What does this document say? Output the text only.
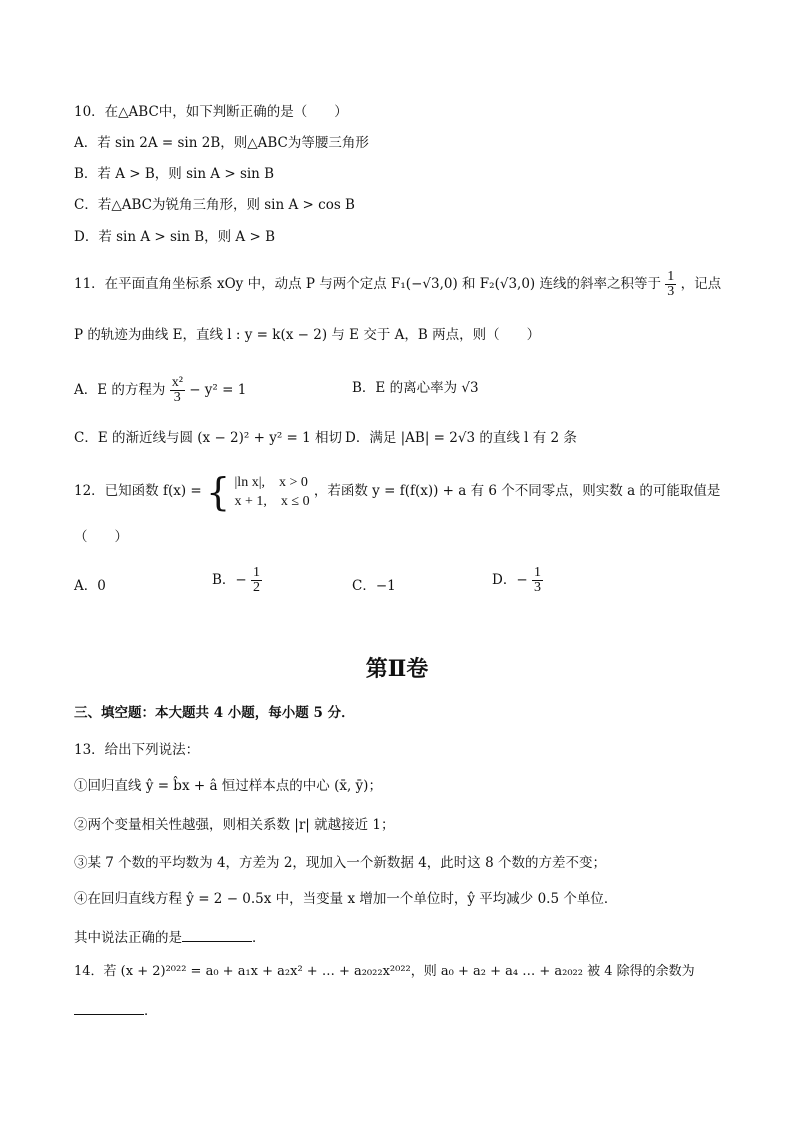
10．在△ABC中，如下判断正确的是（　　）
A．若 sin 2A = sin 2B，则△ABC为等腰三角形
B．若 A > B，则 sin A > sin B
C．若△ABC为锐角三角形，则 sin A > cos B
D．若 sin A > sin B，则 A > B
11．在平面直角坐标系 xOy 中，动点 P 与两个定点 F₁(−√3,0) 和 F₂(√3,0) 连线的斜率之积等于 $\frac{1}{3}$ ，记点
P 的轨迹为曲线 E，直线 l : y = k(x − 2) 与 E 交于 A，B 两点，则（　　）
A．E 的方程为 $\frac{\text{x²}}{3} - y^2 = 1$	B．E 的离心率为 √3
C．E 的渐近线与圆 (x − 2)² + y² = 1 相切 D．满足 |AB| = 2√3 的直线 l 有 2 条
12．已知函数 f(x) = { |ln x|,　x > 0
x + 1,　x ≤ 0
，若函数 y = f(f(x)) + a 有 6 个不同零点，则实数 a 的可能取值是
（　　）
A．0	B．− $\frac{1}{2}$	C．−1	D．− $\frac{1}{3}$
第Ⅱ卷
三、填空题：本大题共 4 小题，每小题 5 分．
13．给出下列说法：
①回归直线 ŷ = b̂x + â 恒过样本点的中心 (x̄, ȳ)；
②两个变量相关性越强，则相关系数 |r| 就越接近 1；
③某 7 个数的平均数为 4，方差为 2，现加入一个新数据 4，此时这 8 个数的方差不变；
④在回归直线方程 ŷ = 2 − 0.5x 中，当变量 x 增加一个单位时，ŷ 平均减少 0.5 个单位．
其中说法正确的是	．
14．若 (x + 2)²⁰²² = a₀ + a₁x + a₂x² + … + a₂₀₂₂x²⁰²²，则 a₀ + a₂ + a₄ … + a₂₀₂₂ 被 4 除得的余数为
．
